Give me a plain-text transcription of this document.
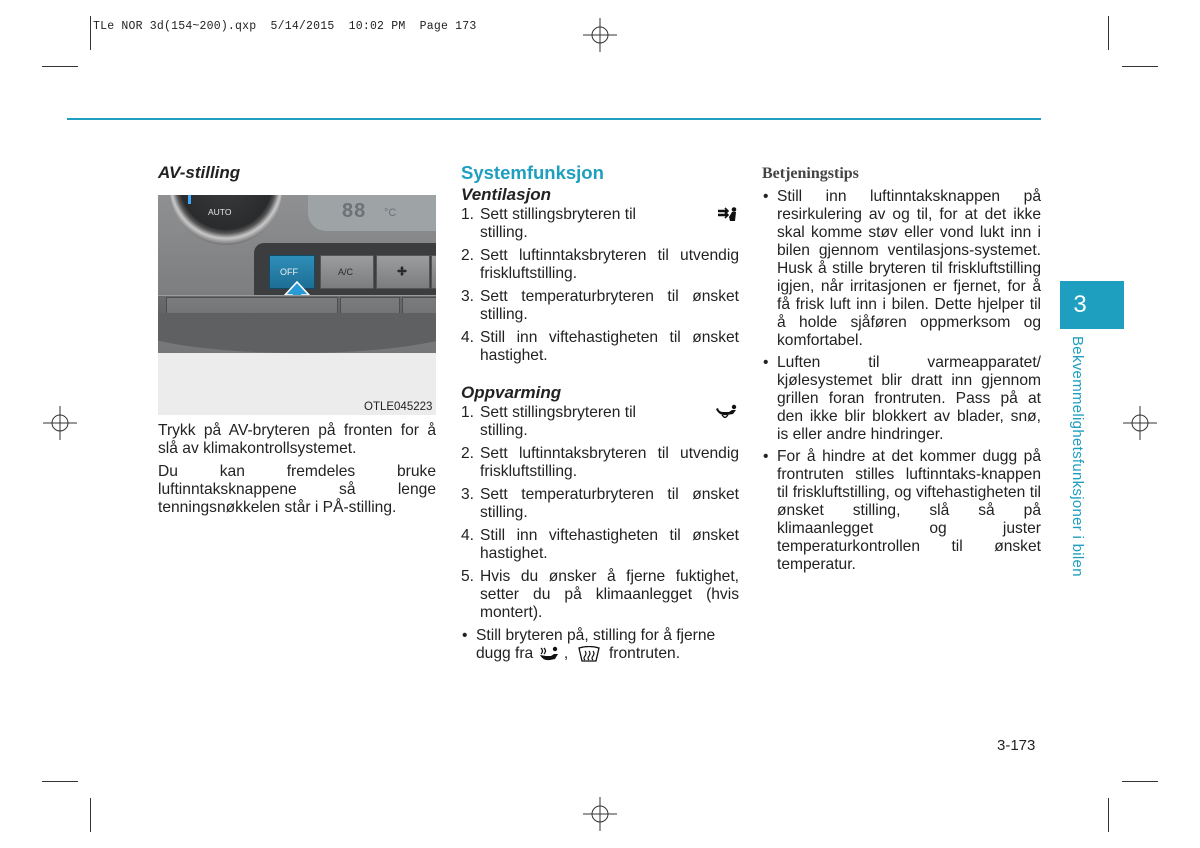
TLe NOR 3d(154~200).qxp  5/14/2015  10:02 PM  Page 173
AV-stilling
AUTO	88 °C
OFF	A/C
OTLE045223

Trykk på AV-bryteren på fronten for å slå av klimakontrollsystemet.

Du kan fremdeles bruke luftinntaksknappene så lenge tenningsnøkkelen står i PÅ-stilling.

Systemfunksjon
Ventilasjon
1. Sett stillingsbryteren til
stilling.
2. Sett luftinntaksbryteren til utvendig friskluftstilling.
3. Sett temperaturbryteren til ønsket stilling.
4. Still inn viftehastigheten til ønsket hastighet.
Oppvarming
1. Sett stillingsbryteren til
stilling.
2. Sett luftinntaksbryteren til utvendig friskluftstilling.
3. Sett temperaturbryteren til ønsket stilling.
4. Still inn viftehastigheten til ønsket hastighet.
5. Hvis du ønsker å fjerne fuktighet, setter du på klimaanlegget (hvis montert).
• Still bryteren på, stilling for å fjerne
dugg fra ,	frontruten.
Betjeningstips
• Still inn luftinntaksknappen på resirkulering av og til, for at det ikke skal komme støv eller vond lukt inn i bilen gjennom ventilasjons-systemet. Husk å stille bryteren til friskluftstilling igjen, når irritasjonen er fjernet, for å få frisk luft inn i bilen. Dette hjelper til å holde sjåføren oppmerksom og komfortabel.
• Luften til varmeapparatet/ kjølesystemet blir dratt inn gjennom grillen foran frontruten. Pass på at den ikke blir blokkert av blader, snø, is eller andre hindringer.
• For å hindre at det kommer dugg på frontruten stilles luftinntaks-knappen til friskluftstilling, og viftehastigheten til ønsket stilling, slå så på klimaanlegget og juster temperaturkontrollen til ønsket temperatur.
3
Bekvemmelighetsfunksjoner i bilen
3-173
